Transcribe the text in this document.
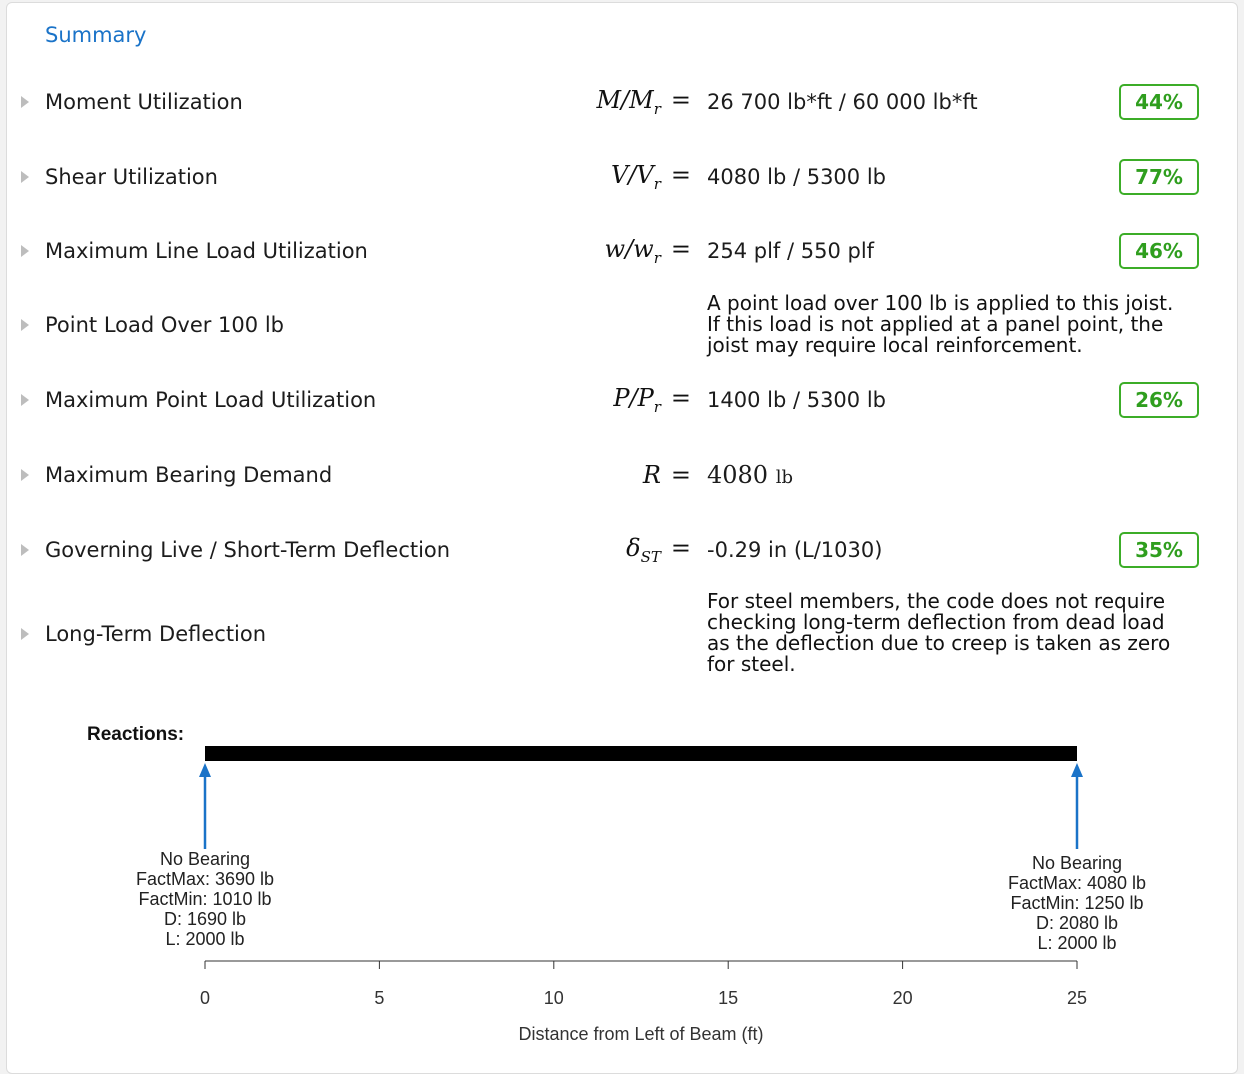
Summary
Moment Utilization	$M/M_r = 26$ 700 lb*ft / 60 000 lb*ft	44%
Shear Utilization	$V/V_r = 4080$ lb / 5300 lb	77%
Maximum Line Load Utilization	$w/w_r = 254$ plf / 550 plf	46%
Point Load Over 100 lb
A point load over 100 lb is applied to this joist. If this load is not applied at a panel point, the joist may require local reinforcement.
Maximum Point Load Utilization	$P/P_r = 1400$ lb / 5300 lb	26%
Maximum Bearing Demand	R = 4080 lb
Governing Live / Short-Term Deflection	$\delta_{ST} = -0.29$ in (L/1030)	35%
Long-Term Deflection
For steel members, the code does not require checking long-term deflection from dead load as the deflection due to creep is taken as zero for steel.
Reactions:
No Bearing
FactMax: 3690 lb
FactMin: 1010 lb
D: 1690 lb
L: 2000 lb
No Bearing
FactMax: 4080 lb
FactMin: 1250 lb
D: 2080 lb
L: 2000 lb
0	5	10	15	20	25
Distance from Left of Beam (ft)
